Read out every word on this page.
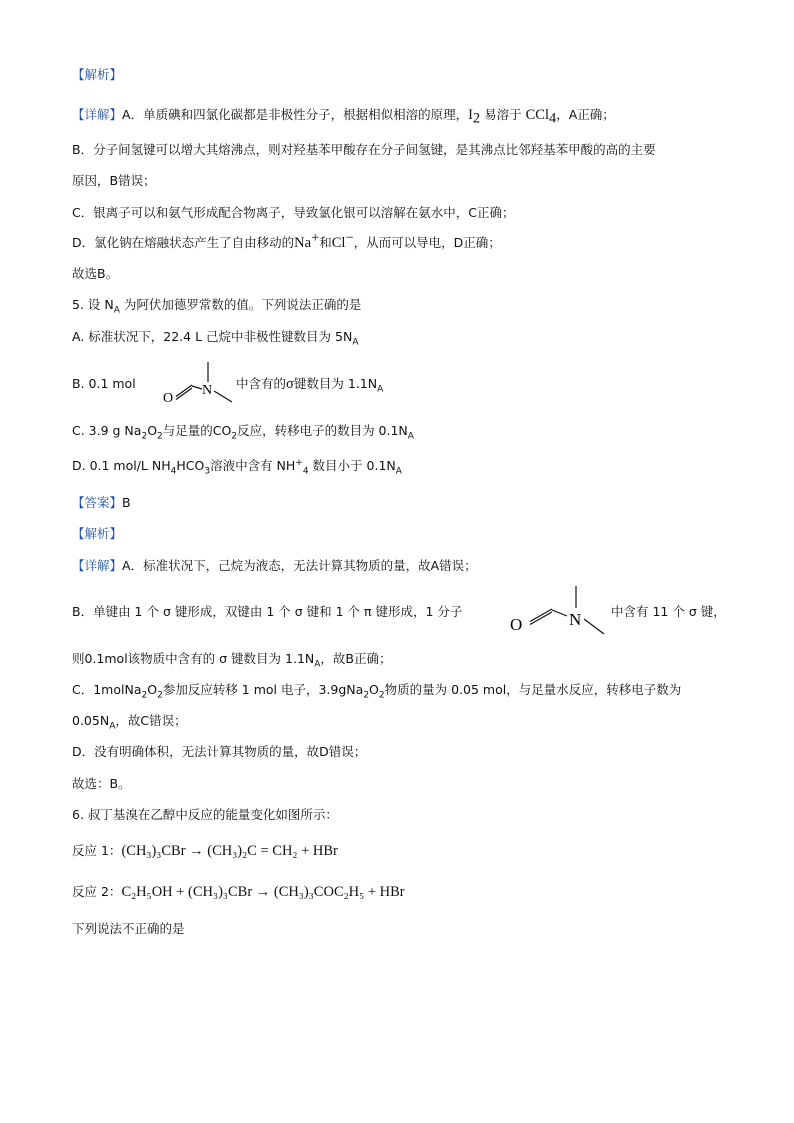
【解析】
【详解】A．单质碘和四氯化碳都是非极性分子，根据相似相溶的原理，$I_2$ 易溶于 CCl$_4$，A正确；
B．分子间氢键可以增大其熔沸点，则对羟基苯甲酸存在分子间氢键，是其沸点比邻羟基苯甲酸的高的主要
原因，B错误；
C．银离子可以和氨气形成配合物离子，导致氯化银可以溶解在氨水中，C正确；
D．氯化钠在熔融状态产生了自由移动的Na+和Cl−，从而可以导电，D正确；
故选B。
5. 设 $N_A$ 为阿伏加德罗常数的值。下列说法正确的是
A. 标准状况下，22.4 L 己烷中非极性键数目为 $5N_A$
B. 0.1 mol
O
N 中含有的σ键数目为 $1.1N_A$
C. 3.9 g $Na_2O_2$与足量的$CO_2$反应，转移电子的数目为 $0.1N_A$
D. 0.1 mol/L $NH_4HCO_3$溶液中含有 $NH^+_4$ 数目小于 $0.1N_A$
【答案】B
【解析】
【详解】A．标准状况下，己烷为液态，无法计算其物质的量，故A错误；
B．单键由 1 个 σ 键形成，双键由 1 个 σ 键和 1 个 π 键形成，1 分子
O	N 中含有 11 个 σ 键，
则0.1mol该物质中含有的 σ 键数目为 $1.1N_A$，故B正确；
C．$1molNa_2O_2$参加反应转移 1 mol 电子，$3.9gNa_2O_2$物质的量为 0.05 mol，与足量水反应，转移电子数为
$0.05N_A$，故C错误；
D．没有明确体积，无法计算其物质的量，故D错误；
故选：B。
6. 叔丁基溴在乙醇中反应的能量变化如图所示：
反应 1：(CH₃)₃CBr → (CH₃)₂C = CH₂ + HBr
反应 2：C₂H₅OH + (CH₃)₃CBr → (CH₃)₃COC₂H₅ + HBr
下列说法不正确的是
